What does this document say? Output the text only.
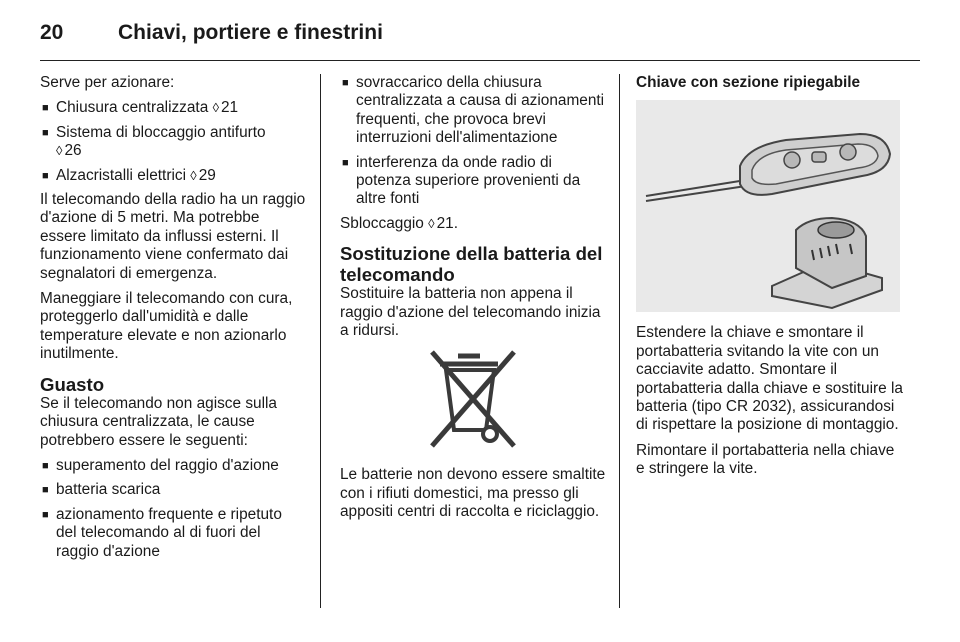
20	Chiavi, portiere e finestrini

Serve per azionare:

■ Chiusura centralizzata ◊ 21
■ Sistema di bloccaggio antifurto
◊ 26
■ Alzacristalli elettrici ◊ 29

Il telecomando della radio ha un raggio d'azione di 5 metri. Ma potrebbe essere limitato da influssi esterni. Il funzionamento viene confermato dai segnalatori di emergenza.

Maneggiare il telecomando con cura, proteggerlo dall'umidità e dalle temperature elevate e non azionarlo inutilmente.

Guasto

Se il telecomando non agisce sulla chiusura centralizzata, le cause potrebbero essere le seguenti:

■ superamento del raggio d'azione
■ batteria scarica
■ azionamento frequente e ripetuto del telecomando al di fuori del raggio d'azione
■ sovraccarico della chiusura centralizzata a causa di azionamenti frequenti, che provoca brevi interruzioni dell'alimentazione
■ interferenza da onde radio di potenza superiore provenienti da altre fonti

Sbloccaggio ◊ 21.

Sostituzione della batteria del telecomando

Sostituire la batteria non appena il raggio d'azione del telecomando inizia a ridursi.

Le batterie non devono essere smaltite con i rifiuti domestici, ma presso gli appositi centri di raccolta e riciclaggio.

Chiave con sezione ripiegabile

Estendere la chiave e smontare il portabatteria svitando la vite con un cacciavite adatto. Smontare il portabatteria dalla chiave e sostituire la batteria (tipo CR 2032), assicurandosi di rispettare la posizione di montaggio.

Rimontare il portabatteria nella chiave e stringere la vite.
